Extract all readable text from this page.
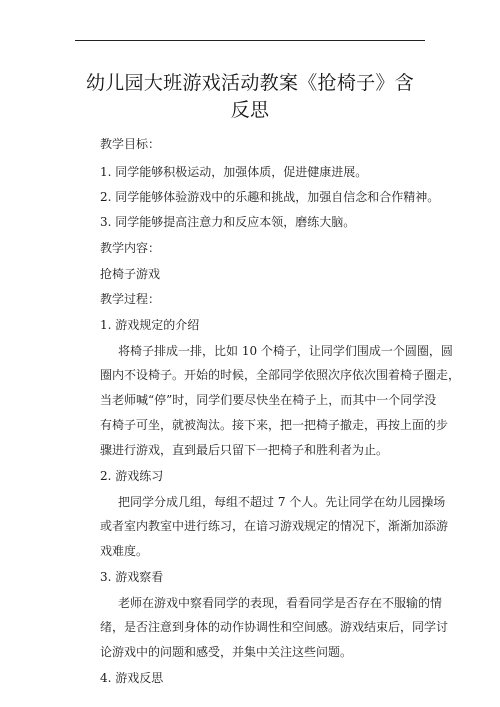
幼儿园大班游戏活动教案《抢椅子》含
反思
教学目标：
1. 同学能够积极运动，加强体质，促进健康进展。
2. 同学能够体验游戏中的乐趣和挑战，加强自信念和合作精神。
3. 同学能够提高注意力和反应本领，磨练大脑。
教学内容：
抢椅子游戏
教学过程：
1. 游戏规定的介绍
将椅子排成一排，比如 10 个椅子，让同学们围成一个圆圈，圆
圈内不设椅子。开始的时候，全部同学依照次序依次围着椅子圈走，
当老师喊“停”时，同学们要尽快坐在椅子上，而其中一个同学没
有椅子可坐，就被淘汰。接下来，把一把椅子撤走，再按上面的步
骤进行游戏，直到最后只留下一把椅子和胜利者为止。
2. 游戏练习
把同学分成几组，每组不超过 7 个人。先让同学在幼儿园操场
或者室内教室中进行练习，在谙习游戏规定的情况下，渐渐加添游
戏难度。
3. 游戏察看
老师在游戏中察看同学的表现，看看同学是否存在不服输的情
绪，是否注意到身体的动作协调性和空间感。游戏结束后，同学讨
论游戏中的问题和感受，并集中关注这些问题。
4. 游戏反思
